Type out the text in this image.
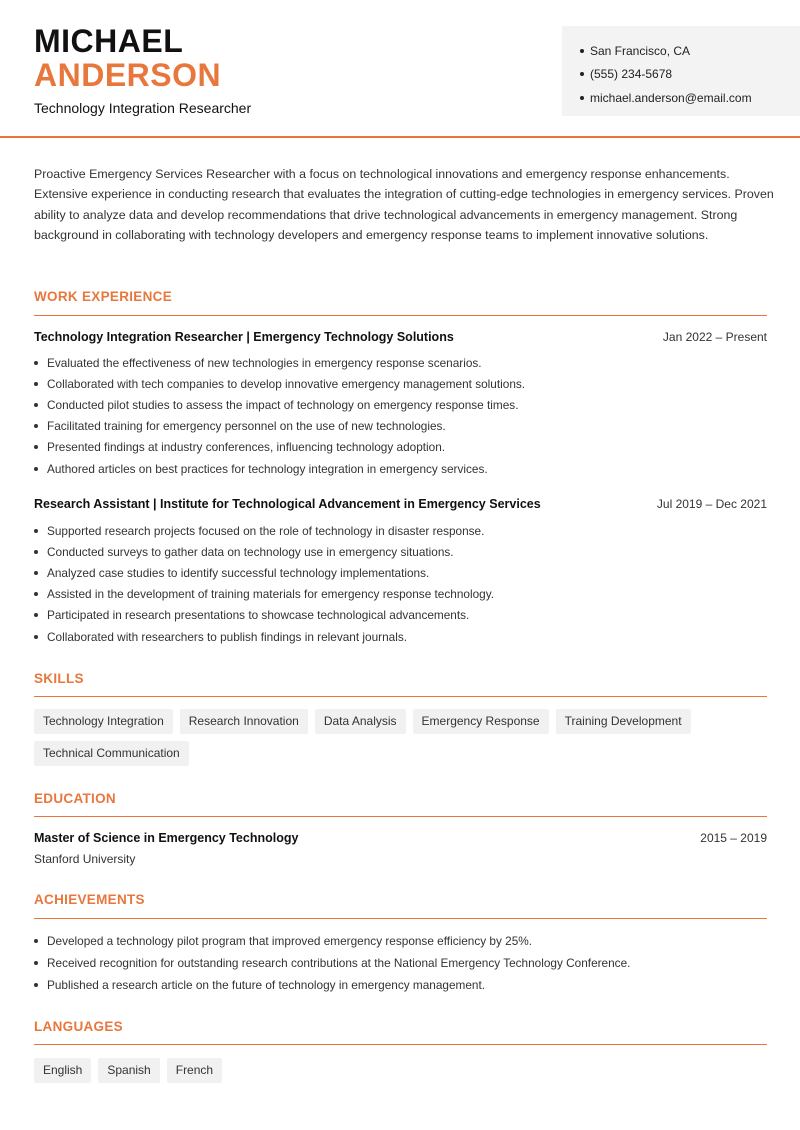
MICHAEL
ANDERSON
Technology Integration Researcher
San Francisco, CA
(555) 234-5678
michael.anderson@email.com

Proactive Emergency Services Researcher with a focus on technological innovations and emergency response enhancements. Extensive experience in conducting research that evaluates the integration of cutting-edge technologies in emergency services. Proven ability to analyze data and develop recommendations that drive technological advancements in emergency management. Strong background in collaborating with technology developers and emergency response teams to implement innovative solutions.

WORK EXPERIENCE
Technology Integration Researcher | Emergency Technology Solutions	Jan 2022 – Present
Evaluated the effectiveness of new technologies in emergency response scenarios.
Collaborated with tech companies to develop innovative emergency management solutions.
Conducted pilot studies to assess the impact of technology on emergency response times.
Facilitated training for emergency personnel on the use of new technologies.
Presented findings at industry conferences, influencing technology adoption.
Authored articles on best practices for technology integration in emergency services.
Research Assistant | Institute for Technological Advancement in Emergency Services	Jul 2019 – Dec 2021
Supported research projects focused on the role of technology in disaster response.
Conducted surveys to gather data on technology use in emergency situations.
Analyzed case studies to identify successful technology implementations.
Assisted in the development of training materials for emergency response technology.
Participated in research presentations to showcase technological advancements.
Collaborated with researchers to publish findings in relevant journals.
SKILLS
Technology Integration	Research Innovation	Data Analysis	Emergency Response	Training Development
Technical Communication
EDUCATION
Master of Science in Emergency Technology	2015 – 2019
Stanford University
ACHIEVEMENTS
Developed a technology pilot program that improved emergency response efficiency by 25%.
Received recognition for outstanding research contributions at the National Emergency Technology Conference.
Published a research article on the future of technology in emergency management.
LANGUAGES
English	Spanish	French
